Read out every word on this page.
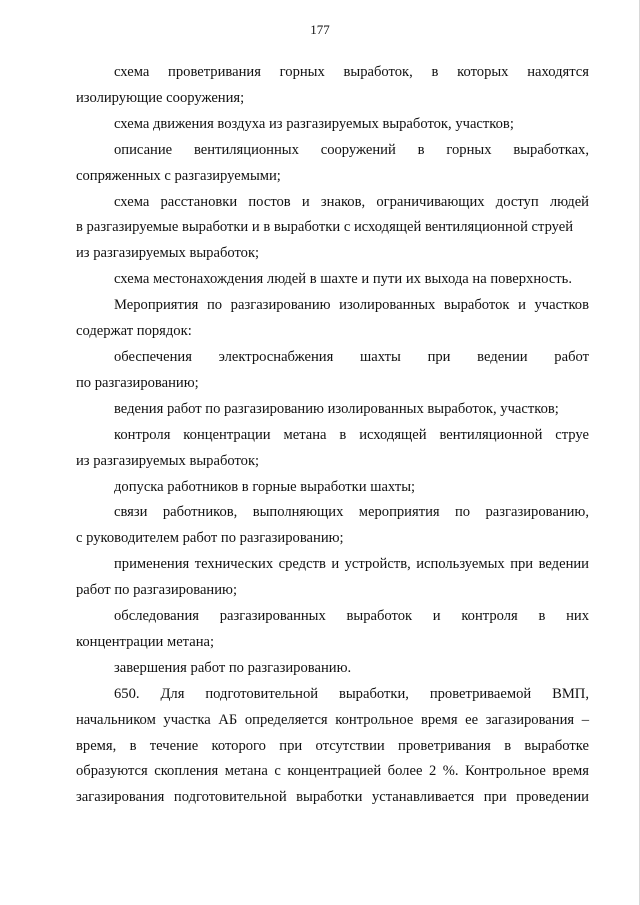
177
схема проветривания горных выработок, в которых находятся
изолирующие сооружения;
схема движения воздуха из разгазируемых выработок, участков;
описание вентиляционных сооружений в горных выработках,
сопряженных с разгазируемыми;
схема расстановки постов и знаков, ограничивающих доступ людей
в разгазируемые выработки и в выработки с исходящей вентиляционной струей
из разгазируемых выработок;
схема местонахождения людей в шахте и пути их выхода на поверхность.
Мероприятия по разгазированию изолированных выработок и участков
содержат порядок:
обеспечения электроснабжения шахты при ведении работ
по разгазированию;
ведения работ по разгазированию изолированных выработок, участков;
контроля концентрации метана в исходящей вентиляционной струе
из разгазируемых выработок;
допуска работников в горные выработки шахты;
связи работников, выполняющих мероприятия по разгазированию,
с руководителем работ по разгазированию;
применения технических средств и устройств, используемых при ведении
работ по разгазированию;
обследования разгазированных выработок и контроля в них
концентрации метана;
завершения работ по разгазированию.
650. Для подготовительной выработки, проветриваемой ВМП,
начальником участка АБ определяется контрольное время ее загазирования –
время, в течение которого при отсутствии проветривания в выработке
образуются скопления метана с концентрацией более 2 %. Контрольное время
загазирования подготовительной выработки устанавливается при проведении
